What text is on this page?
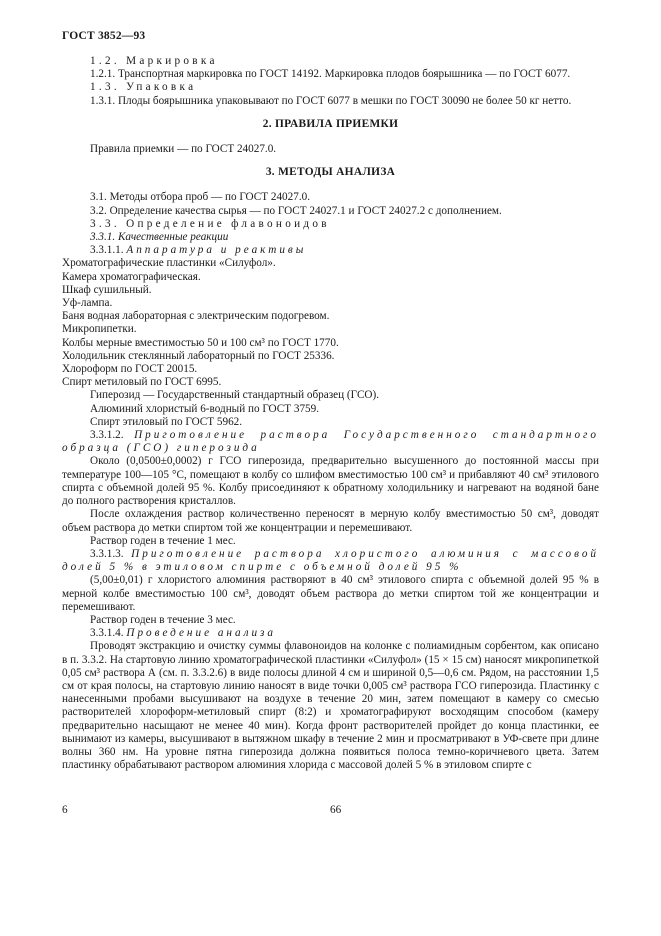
ГОСТ 3852—93

1.2. Маркировка

1.2.1. Транспортная маркировка по ГОСТ 14192. Маркировка плодов боярышника — по ГОСТ 6077.

1.3. Упаковка

1.3.1. Плоды боярышника упаковывают по ГОСТ 6077 в мешки по ГОСТ 30090 не более 50 кг нетто.

2. ПРАВИЛА ПРИЕМКИ

Правила приемки — по ГОСТ 24027.0.

3. МЕТОДЫ АНАЛИЗА

3.1. Методы отбора проб — по ГОСТ 24027.0.

3.2. Определение качества сырья — по ГОСТ 24027.1 и ГОСТ 24027.2 с дополнением.

3.3. Определение флавоноидов

3.3.1. Качественные реакции

3.3.1.1. Аппаратура и реактивы

Хроматографические пластинки «Силуфол».

Камера хроматографическая.

Шкаф сушильный.

Уф-лампа.

Баня водная лабораторная с электрическим подогревом.

Микропипетки.

Колбы мерные вместимостью 50 и 100 см³ по ГОСТ 1770.

Холодильник стеклянный лабораторный по ГОСТ 25336.

Хлороформ по ГОСТ 20015.

Спирт метиловый по ГОСТ 6995.

Гиперозид — Государственный стандартный образец (ГСО).

Алюминий хлористый 6-водный по ГОСТ 3759.

Спирт этиловый по ГОСТ 5962.

3.3.1.2. Приготовление раствора Государственного стандартного образца (ГСО) гиперозида

Около (0,0500±0,0002) г ГСО гиперозида, предварительно высушенного до постоянной массы при температуре 100—105 °С, помещают в колбу со шлифом вместимостью 100 см³ и прибавляют 40 см³ этилового спирта с объемной долей 95 %. Колбу присоединяют к обратному холодильнику и нагревают на водяной бане до полного растворения кристаллов.

После охлаждения раствор количественно переносят в мерную колбу вместимостью 50 см³, доводят объем раствора до метки спиртом той же концентрации и перемешивают.

Раствор годен в течение 1 мес.

3.3.1.3. Приготовление раствора хлористого алюминия с массовой долей 5 % в этиловом спирте с объемной долей 95 %

(5,00±0,01) г хлористого алюминия растворяют в 40 см³ этилового спирта с объемной долей 95 % в мерной колбе вместимостью 100 см³, доводят объем раствора до метки спиртом той же концентрации и перемешивают.

Раствор годен в течение 3 мес.

3.3.1.4. Проведение анализа

Проводят экстракцию и очистку суммы флавоноидов на колонке с полиамидным сорбентом, как описано в п. 3.3.2. На стартовую линию хроматографической пластинки «Силуфол» (15 × 15 см) наносят микропипеткой 0,05 см³ раствора А (см. п. 3.3.2.6) в виде полосы длиной 4 см и шириной 0,5—0,6 см. Рядом, на расстоянии 1,5 см от края полосы, на стартовую линию наносят в виде точки 0,005 см³ раствора ГСО гиперозида. Пластинку с нанесенными пробами высушивают на воздухе в течение 20 мин, затем помещают в камеру со смесью растворителей хлороформ-метиловый спирт (8:2) и хроматографируют восходящим способом (камеру предварительно насыщают не менее 40 мин). Когда фронт растворителей пройдет до конца пластинки, ее вынимают из камеры, высушивают в вытяжном шкафу в течение 2 мин и просматривают в УФ-свете при длине волны 360 нм. На уровне пятна гиперозида должна появиться полоса темно-коричневого цвета. Затем пластинку обрабатывают раствором алюминия хлорида с массовой долей 5 % в этиловом спирте с

6	66
